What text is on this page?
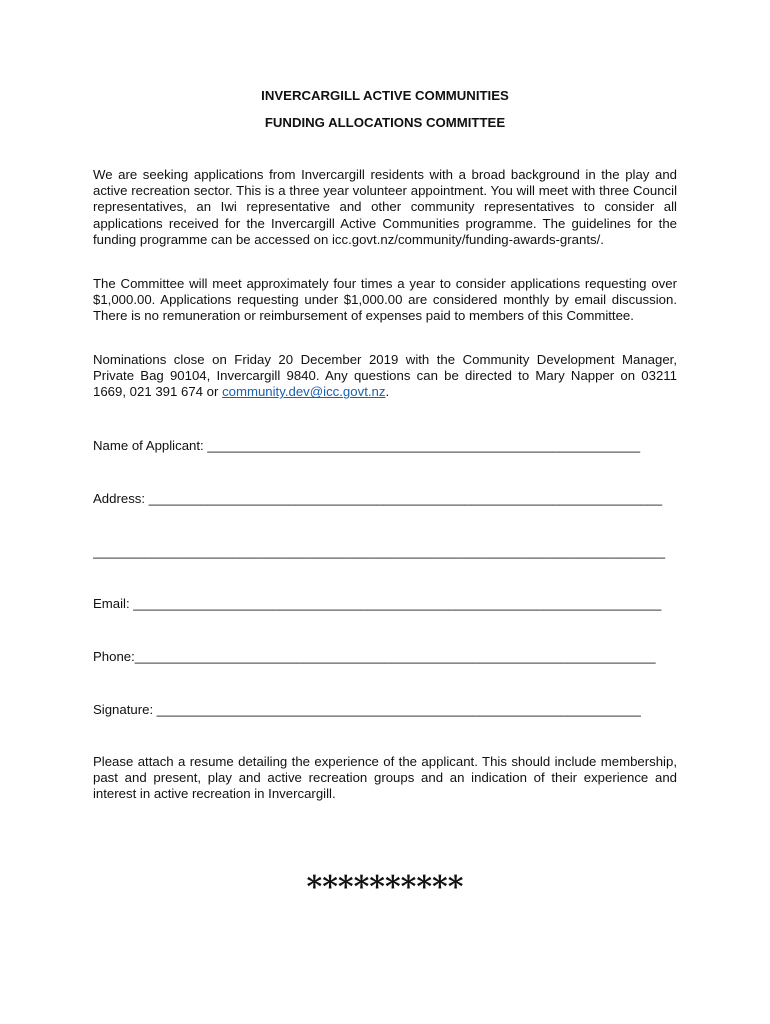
INVERCARGILL ACTIVE COMMUNITIES
FUNDING ALLOCATIONS COMMITTEE

We are seeking applications from Invercargill residents with a broad background in the play and active recreation sector. This is a three year volunteer appointment. You will meet with three Council representatives, an Iwi representative and other community representatives to consider all applications received for the Invercargill Active Communities programme. The guidelines for the funding programme can be accessed on icc.govt.nz/community/funding-awards-grants/.

The Committee will meet approximately four times a year to consider applications requesting over $1,000.00. Applications requesting under $1,000.00 are considered monthly by email discussion. There is no remuneration or reimbursement of expenses paid to members of this Committee.

Nominations close on Friday 20 December 2019 with the Community Development Manager, Private Bag 90104, Invercargill 9840. Any questions can be directed to Mary Napper on 03211 1669, 021 391 674 or community.dev@icc.govt.nz.

Name of Applicant: ___________________________________________________________
Address: ______________________________________________________________________
______________________________________________________________________________
Email: ________________________________________________________________________
Phone:_______________________________________________________________________
Signature: __________________________________________________________________

Please attach a resume detailing the experience of the applicant. This should include membership, past and present, play and active recreation groups and an indication of their experience and interest in active recreation in Invercargill.

**********
